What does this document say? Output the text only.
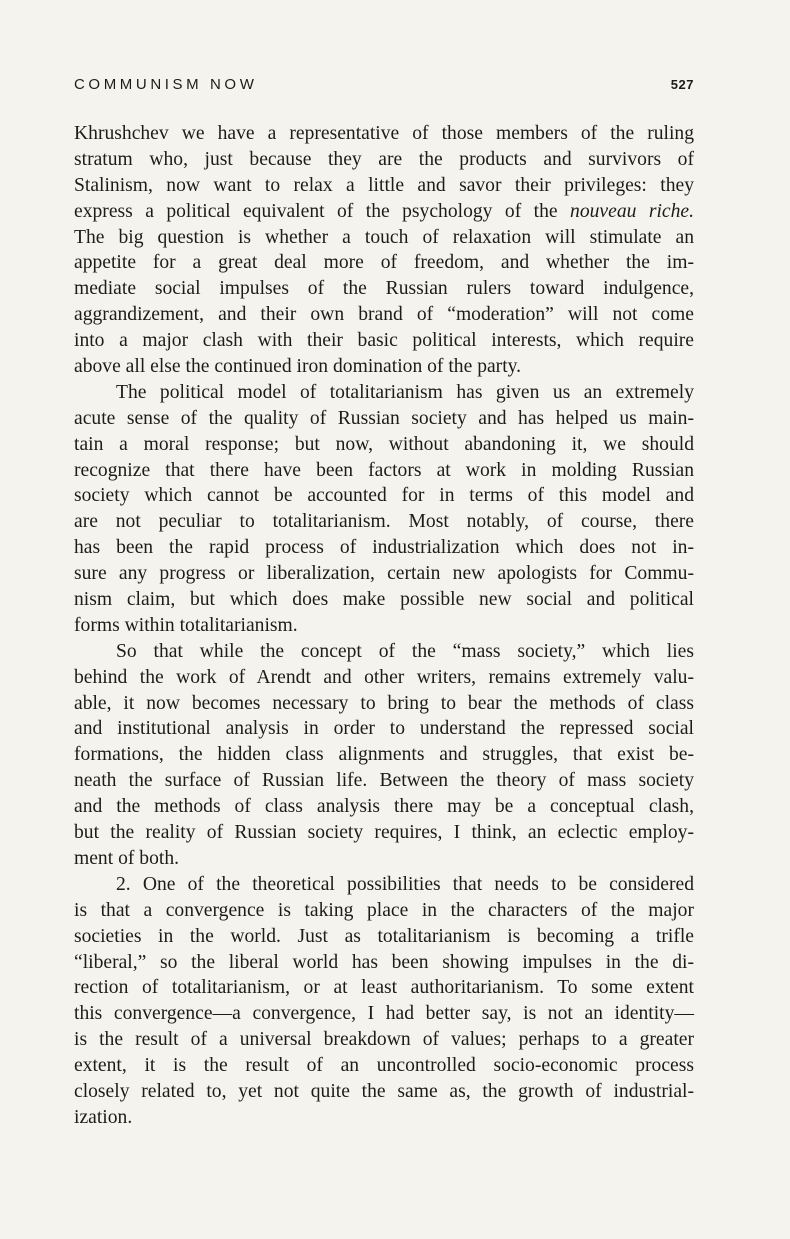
COMMUNISM NOW	527
Khrushchev we have a representative of those members of the ruling
stratum who, just because they are the products and survivors of
Stalinism, now want to relax a little and savor their privileges: they
express a political equivalent of the psychology of the nouveau riche.
The big question is whether a touch of relaxation will stimulate an
appetite for a great deal more of freedom, and whether the im-
mediate social impulses of the Russian rulers toward indulgence,
aggrandizement, and their own brand of “moderation” will not come
into a major clash with their basic political interests, which require
above all else the continued iron domination of the party.
The political model of totalitarianism has given us an extremely
acute sense of the quality of Russian society and has helped us main-
tain a moral response; but now, without abandoning it, we should
recognize that there have been factors at work in molding Russian
society which cannot be accounted for in terms of this model and
are not peculiar to totalitarianism. Most notably, of course, there
has been the rapid process of industrialization which does not in-
sure any progress or liberalization, certain new apologists for Commu-
nism claim, but which does make possible new social and political
forms within totalitarianism.
So that while the concept of the “mass society,” which lies
behind the work of Arendt and other writers, remains extremely valu-
able, it now becomes necessary to bring to bear the methods of class
and institutional analysis in order to understand the repressed social
formations, the hidden class alignments and struggles, that exist be-
neath the surface of Russian life. Between the theory of mass society
and the methods of class analysis there may be a conceptual clash,
but the reality of Russian society requires, I think, an eclectic employ-
ment of both.
2. One of the theoretical possibilities that needs to be considered
is that a convergence is taking place in the characters of the major
societies in the world. Just as totalitarianism is becoming a trifle
“liberal,” so the liberal world has been showing impulses in the di-
rection of totalitarianism, or at least authoritarianism. To some extent
this convergence—a convergence, I had better say, is not an identity—
is the result of a universal breakdown of values; perhaps to a greater
extent, it is the result of an uncontrolled socio-economic process
closely related to, yet not quite the same as, the growth of industrial-
ization.
